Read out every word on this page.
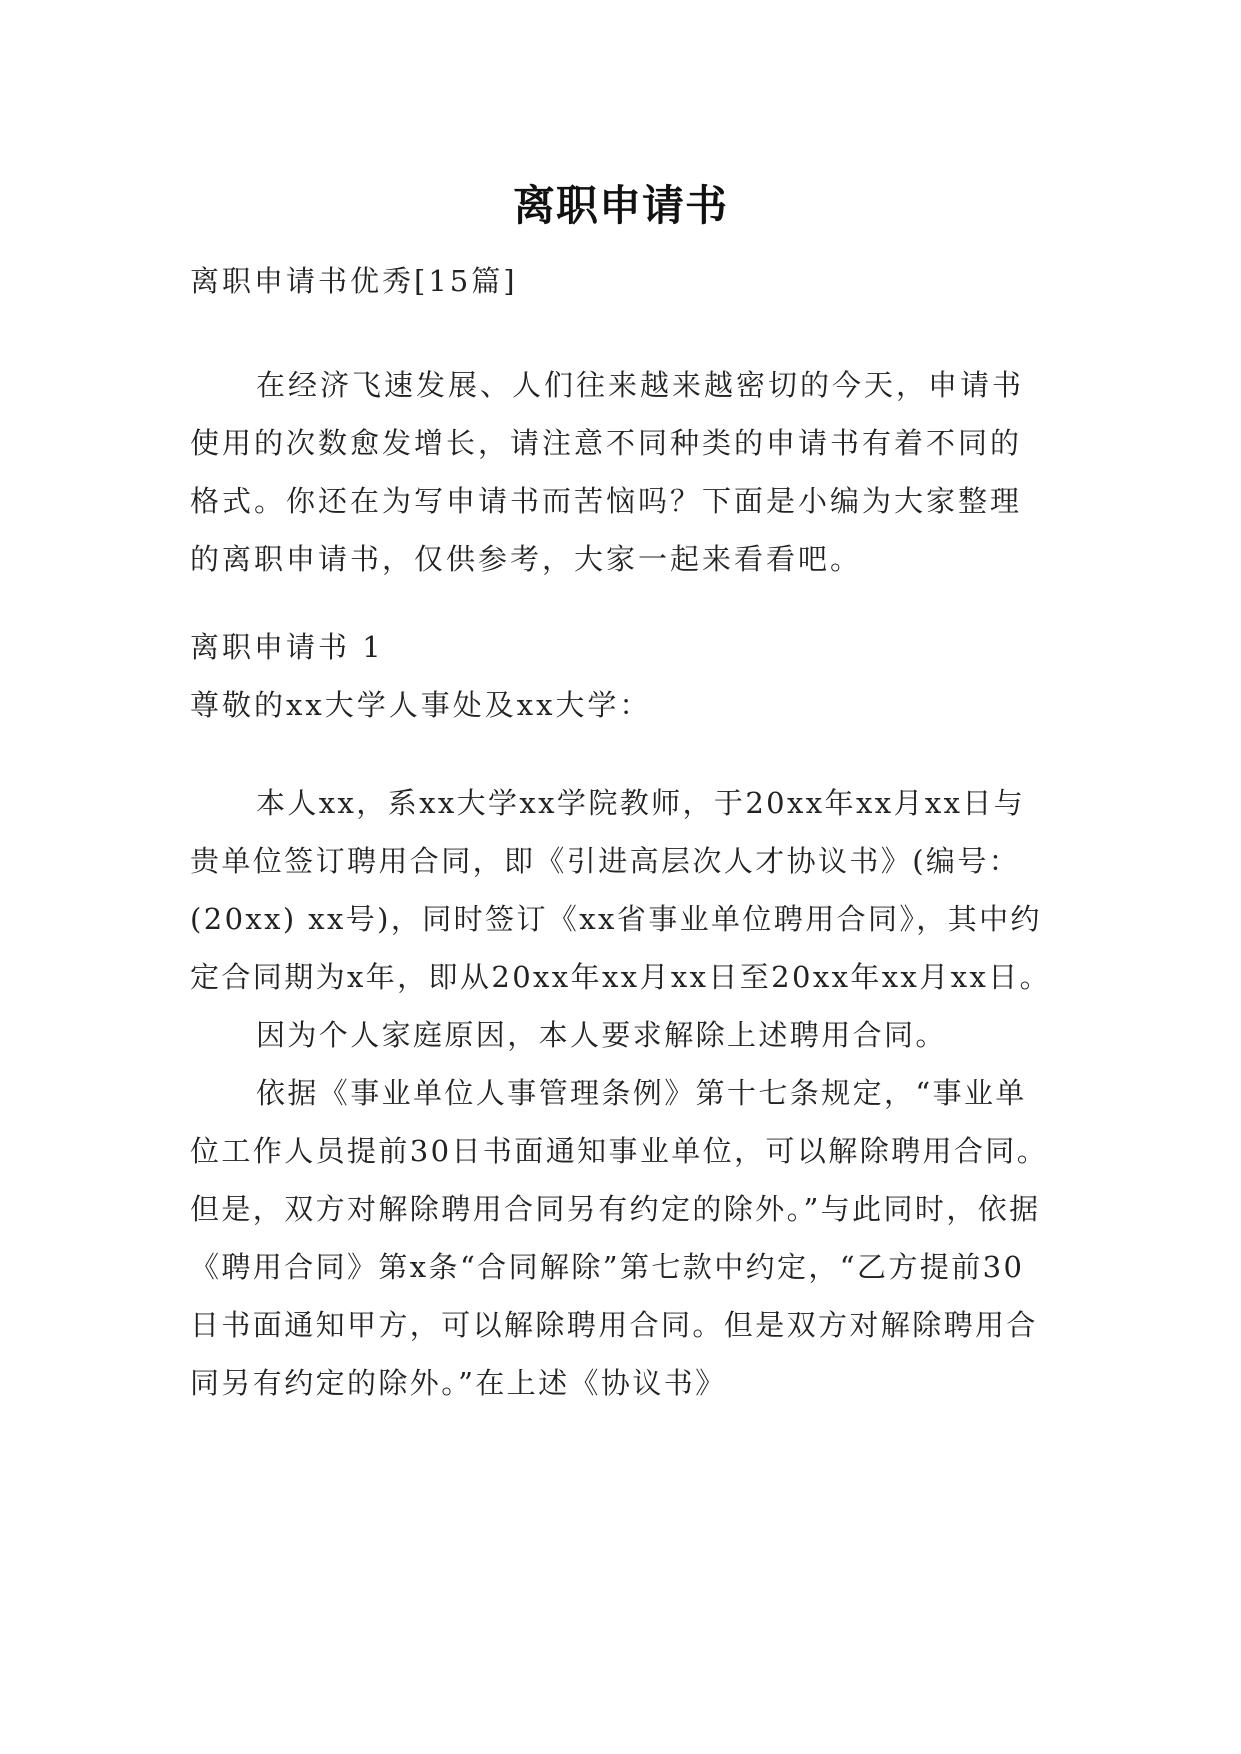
离职申请书

离职申请书优秀[15篇]

在经济飞速发展、人们往来越来越密切的今天，申请书使用的次数愈发增长，请注意不同种类的申请书有着不同的格式。你还在为写申请书而苦恼吗？下面是小编为大家整理的离职申请书，仅供参考，大家一起来看看吧。

离职申请书 1

尊敬的xx大学人事处及xx大学：

本人xx，系xx大学xx学院教师，于20xx年xx月xx日与贵单位签订聘用合同，即《引进高层次人才协议书》(编号：(20xx) xx号)，同时签订《xx省事业单位聘用合同》，其中约定合同期为x年，即从20xx年xx月xx日至20xx年xx月xx日。

因为个人家庭原因，本人要求解除上述聘用合同。

依据《事业单位人事管理条例》第十七条规定，“事业单位工作人员提前30日书面通知事业单位，可以解除聘用合同。但是，双方对解除聘用合同另有约定的除外。”与此同时，依据《聘用合同》第x条“合同解除”第七款中约定，“乙方提前30日书面通知甲方，可以解除聘用合同。但是双方对解除聘用合同另有约定的除外。”在上述《协议书》
